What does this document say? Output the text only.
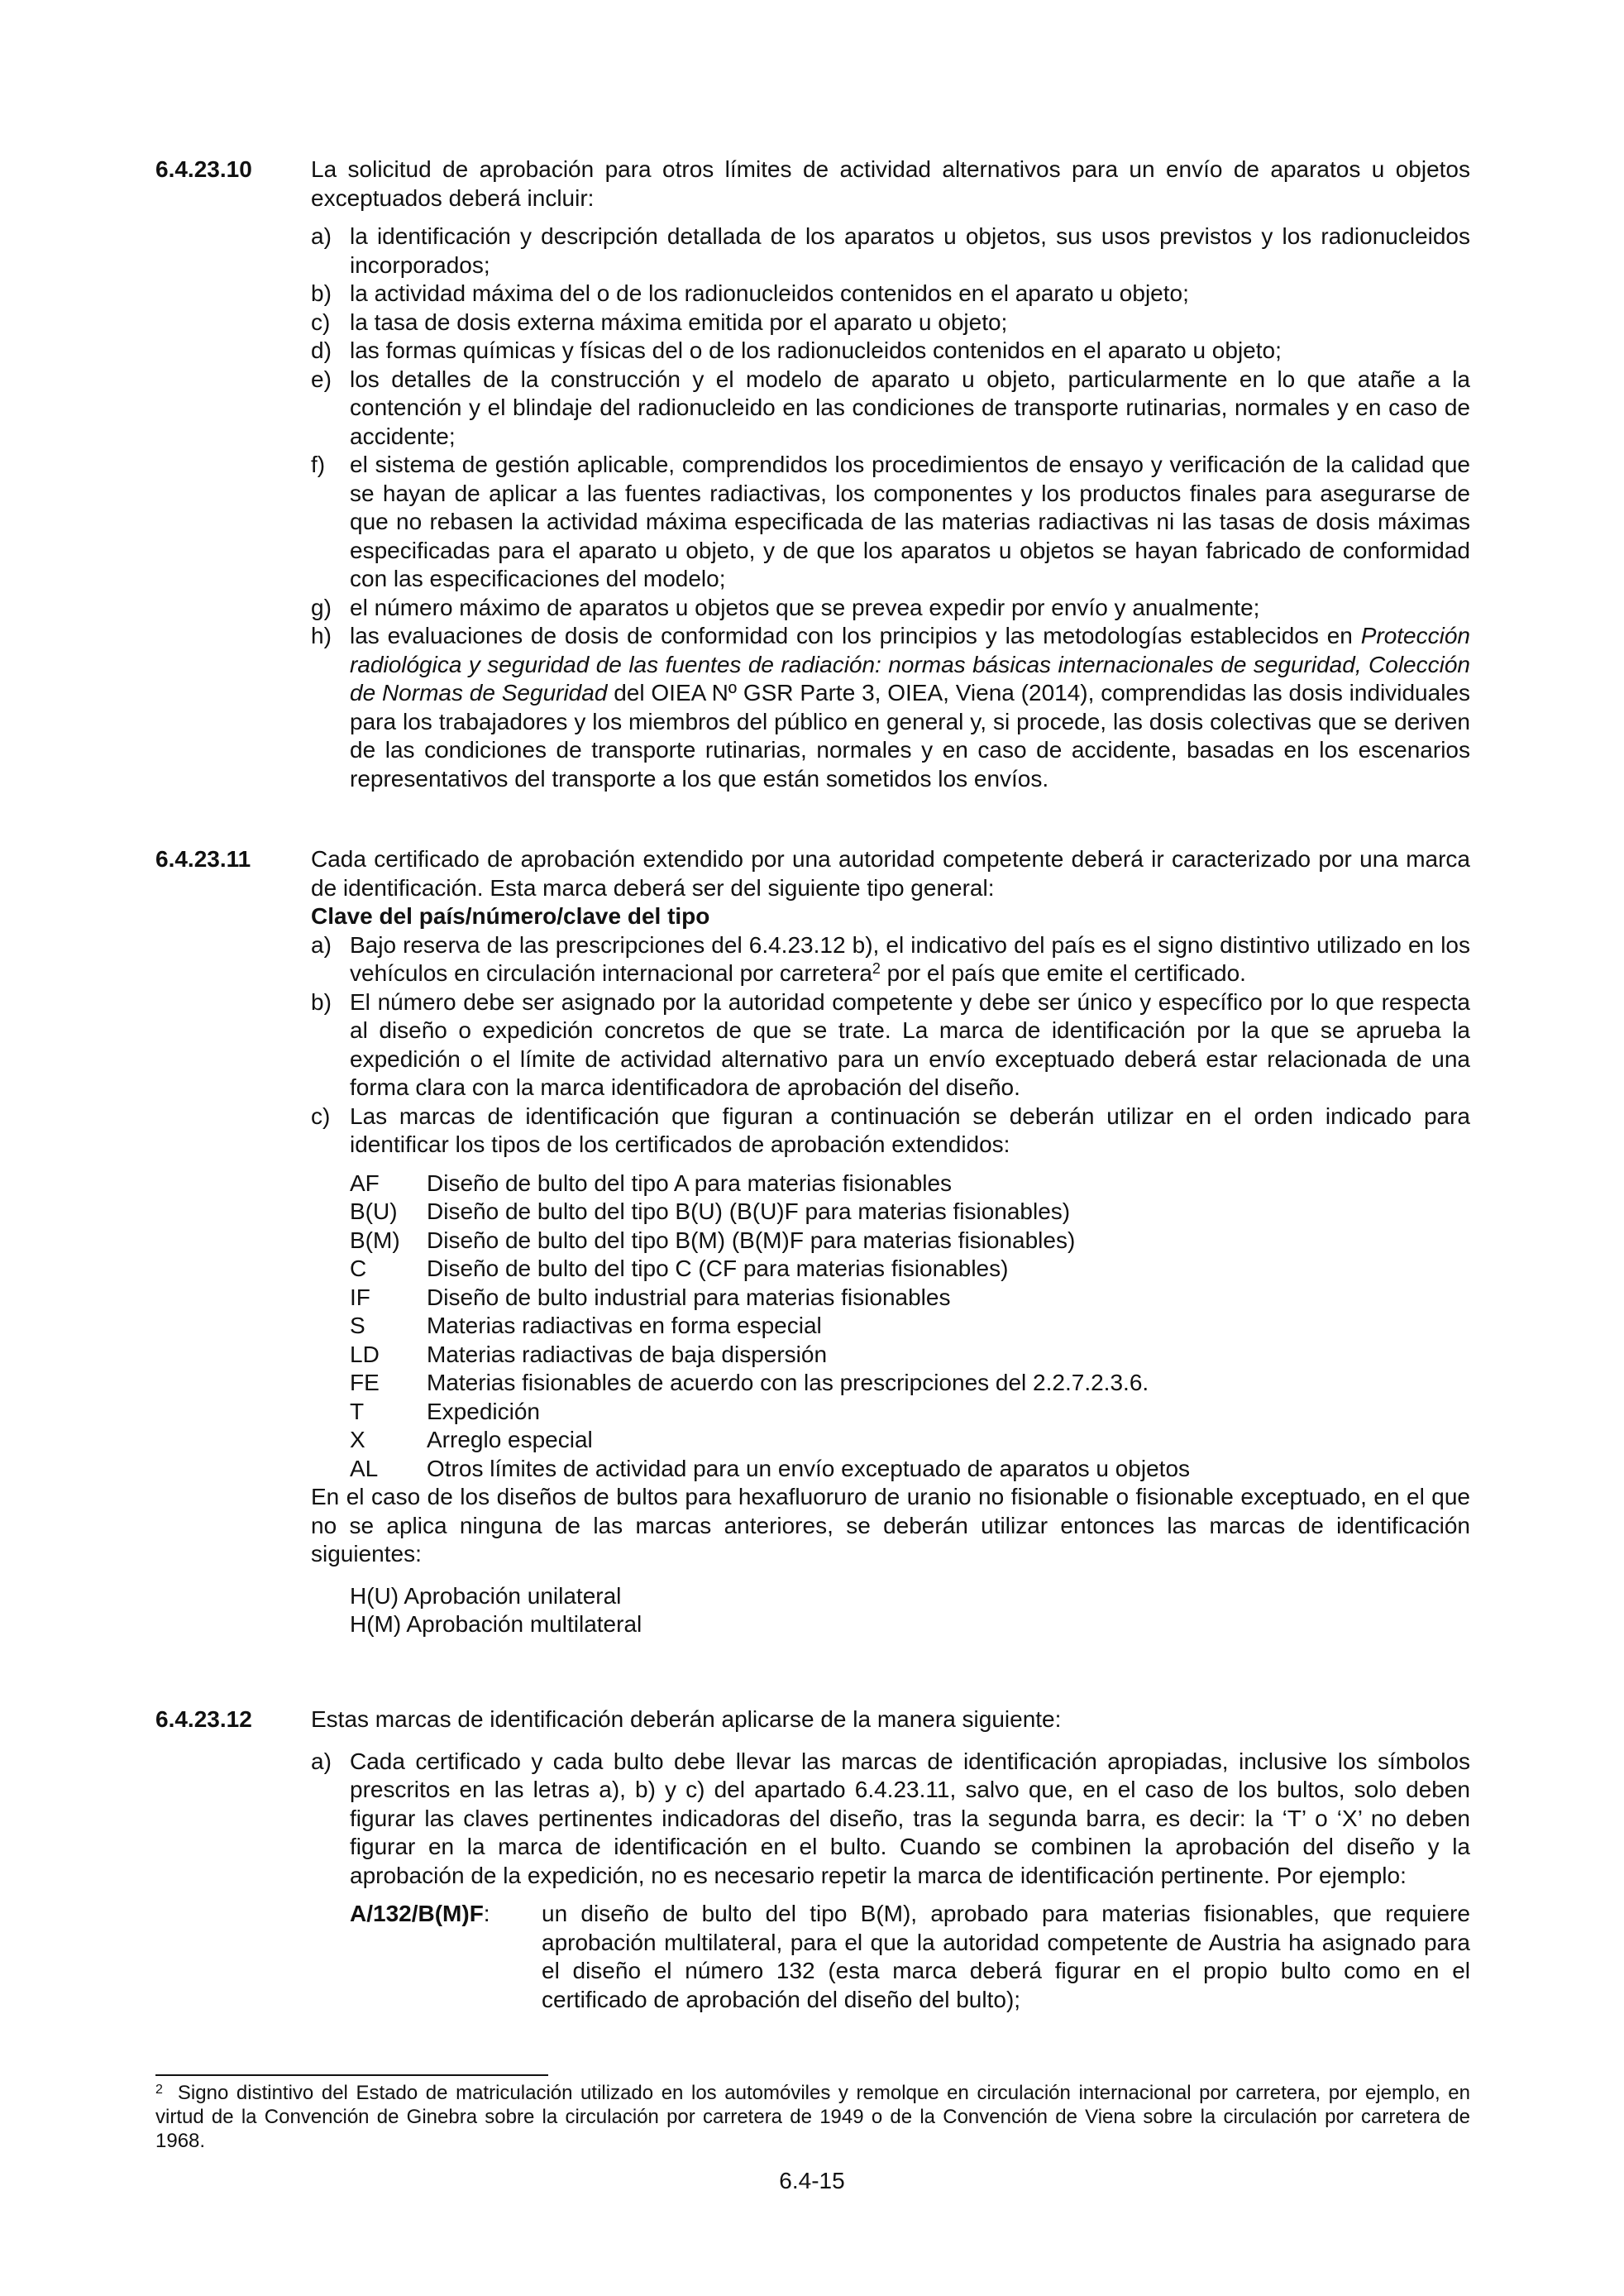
6.4.23.10	La solicitud de aprobación para otros límites de actividad alternativos para un envío de aparatos u objetos exceptuados deberá incluir:

a) la identificación y descripción detallada de los aparatos u objetos, sus usos previstos y los radionucleidos incorporados;
b) la actividad máxima del o de los radionucleidos contenidos en el aparato u objeto;
c) la tasa de dosis externa máxima emitida por el aparato u objeto;
d) las formas químicas y físicas del o de los radionucleidos contenidos en el aparato u objeto;
e) los detalles de la construcción y el modelo de aparato u objeto, particularmente en lo que atañe a la contención y el blindaje del radionucleido en las condiciones de transporte rutinarias, normales y en caso de accidente;
f)	el sistema de gestión aplicable, comprendidos los procedimientos de ensayo y verificación de la calidad que se hayan de aplicar a las fuentes radiactivas, los componentes y los productos finales para asegurarse de que no rebasen la actividad máxima especificada de las materias radiactivas ni las tasas de dosis máximas especificadas para el aparato u objeto, y de que los aparatos u objetos se hayan fabricado de conformidad con las especificaciones del modelo;
g) el número máximo de aparatos u objetos que se prevea expedir por envío y anualmente;
h) las evaluaciones de dosis de conformidad con los principios y las metodologías establecidos en Protección radiológica y seguridad de las fuentes de radiación: normas básicas internacionales de seguridad, Colección de Normas de Seguridad del OIEA Nº GSR Parte 3, OIEA, Viena (2014), comprendidas las dosis individuales para los trabajadores y los miembros del público en general y, si procede, las dosis colectivas que se deriven de las condiciones de transporte rutinarias, normales y en caso de accidente, basadas en los escenarios representativos del transporte a los que están sometidos los envíos.
6.4.23.11	Cada certificado de aprobación extendido por una autoridad competente deberá ir caracterizado por una marca de identificación. Esta marca deberá ser del siguiente tipo general:

Clave del país/número/clave del tipo

a) Bajo reserva de las prescripciones del 6.4.23.12 b), el indicativo del país es el signo distintivo utilizado en los vehículos en circulación internacional por carretera$^2$ por el país que emite el certificado.
b) El número debe ser asignado por la autoridad competente y debe ser único y específico por lo que respecta al diseño o expedición concretos de que se trate. La marca de identificación por la que se aprueba la expedición o el límite de actividad alternativo para un envío exceptuado deberá estar relacionada de una forma clara con la marca identificadora de aprobación del diseño.
c) Las marcas de identificación que figuran a continuación se deberán utilizar en el orden indicado para identificar los tipos de los certificados de aprobación extendidos:
AF	Diseño de bulto del tipo A para materias fisionables
B(U)	Diseño de bulto del tipo B(U) (B(U)F para materias fisionables)
B(M)	Diseño de bulto del tipo B(M) (B(M)F para materias fisionables)
C	Diseño de bulto del tipo C (CF para materias fisionables)
IF	Diseño de bulto industrial para materias fisionables
S	Materias radiactivas en forma especial
LD	Materias radiactivas de baja dispersión
FE	Materias fisionables de acuerdo con las prescripciones del 2.2.7.2.3.6.
T	Expedición
X	Arreglo especial
AL	Otros límites de actividad para un envío exceptuado de aparatos u objetos

En el caso de los diseños de bultos para hexafluoruro de uranio no fisionable o fisionable exceptuado, en el que no se aplica ninguna de las marcas anteriores, se deberán utilizar entonces las marcas de identificación siguientes:

H(U) Aprobación unilateral
H(M) Aprobación multilateral
6.4.23.12	Estas marcas de identificación deberán aplicarse de la manera siguiente:

a) Cada certificado y cada bulto debe llevar las marcas de identificación apropiadas, inclusive los símbolos prescritos en las letras a), b) y c) del apartado 6.4.23.11, salvo que, en el caso de los bultos, solo deben figurar las claves pertinentes indicadoras del diseño, tras la segunda barra, es decir: la ‘T’ o ‘X’ no deben figurar en la marca de identificación en el bulto. Cuando se combinen la aprobación del diseño y la aprobación de la expedición, no es necesario repetir la marca de identificación pertinente. Por ejemplo:
A/132/B(M)F:	un diseño de bulto del tipo B(M), aprobado para materias fisionables, que requiere aprobación multilateral, para el que la autoridad competente de Austria ha asignado para el diseño el número 132 (esta marca deberá figurar en el propio bulto como en el certificado de aprobación del diseño del bulto);
$^2$ Signo distintivo del Estado de matriculación utilizado en los automóviles y remolque en circulación internacional por carretera, por ejemplo, en virtud de la Convención de Ginebra sobre la circulación por carretera de 1949 o de la Convención de Viena sobre la circulación por carretera de 1968.
6.4-15
